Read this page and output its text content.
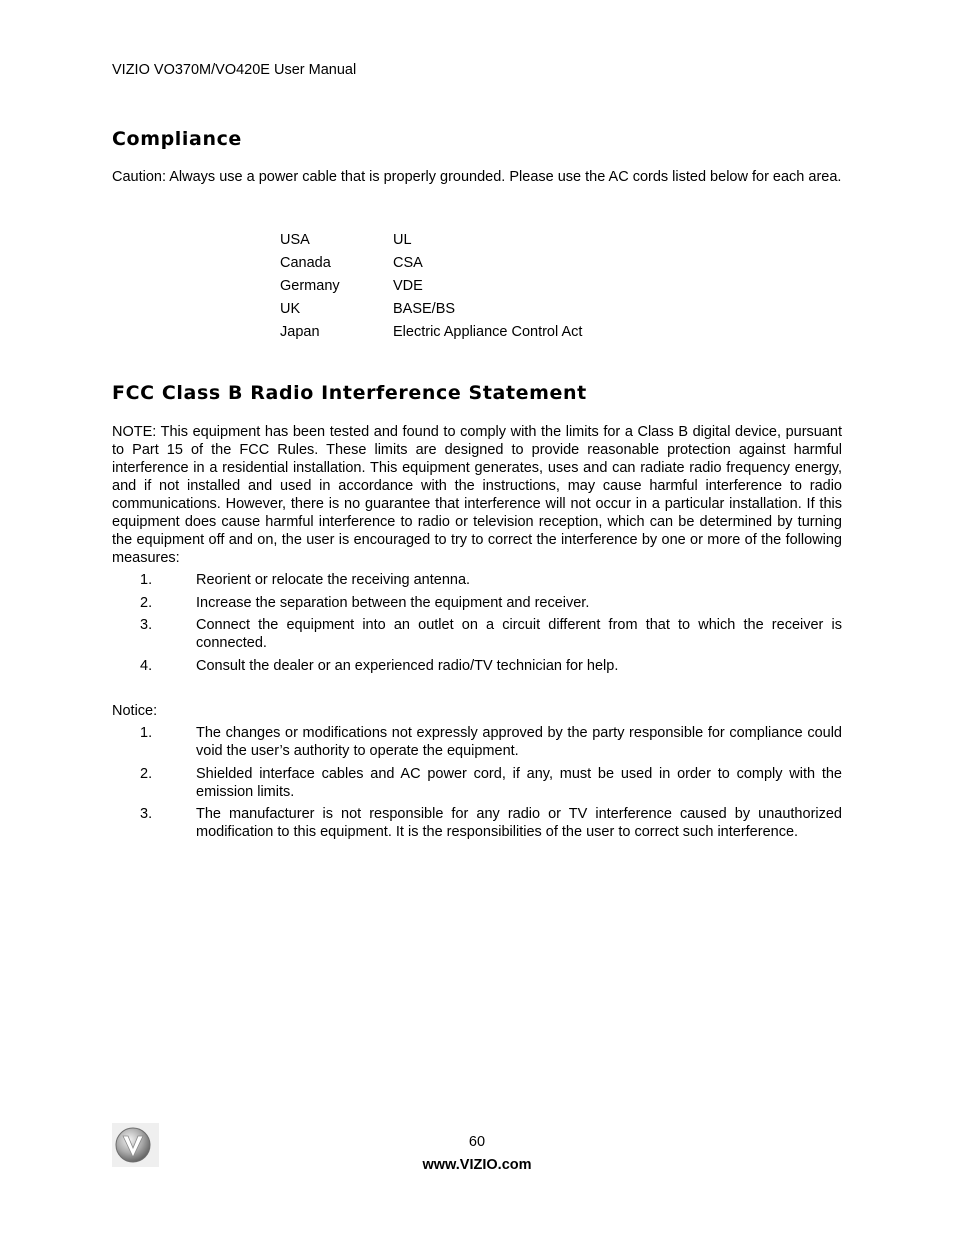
VIZIO VO370M/VO420E User Manual
Compliance

Caution: Always use a power cable that is properly grounded. Please use the AC cords listed below for each area.

USA	UL
Canada	CSA
Germany	VDE
UK	BASE/BS
Japan	Electric Appliance Control Act
FCC Class B Radio Interference Statement

NOTE: This equipment has been tested and found to comply with the limits for a Class B digital device, pursuant to Part 15 of the FCC Rules. These limits are designed to provide reasonable protection against harmful interference in a residential installation. This equipment generates, uses and can radiate radio frequency energy, and if not installed and used in accordance with the instructions, may cause harmful interference to radio communications. However, there is no guarantee that interference will not occur in a particular installation. If this equipment does cause harmful interference to radio or television reception, which can be determined by turning the equipment off and on, the user is encouraged to try to correct the interference by one or more of the following measures:

1.	Reorient or relocate the receiving antenna.
2.	Increase the separation between the equipment and receiver.
3.	Connect the equipment into an outlet on a circuit different from that to which the receiver is connected.
4.	Consult the dealer or an experienced radio/TV technician for help.

Notice:

1.	The changes or modifications not expressly approved by the party responsible for compliance could void the user’s authority to operate the equipment.
2.	Shielded interface cables and AC power cord, if any, must be used in order to comply with the emission limits.
3.	The manufacturer is not responsible for any radio or TV interference caused by unauthorized modification to this equipment. It is the responsibilities of the user to correct such interference.
60
www.VIZIO.com
